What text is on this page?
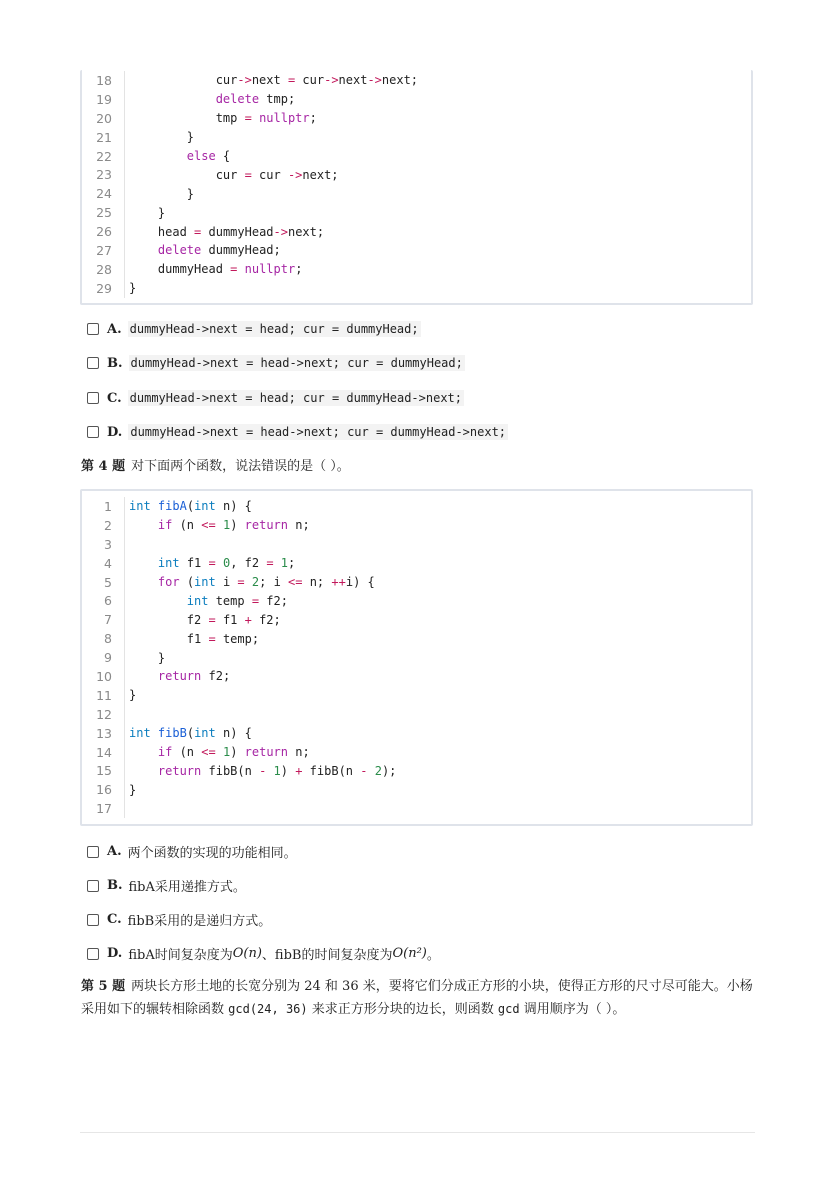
18 cur->next = cur->next->next;
19	delete tmp;
20 tmp = nullptr;
21 }
22	else {
23 cur = cur ->next;
24 }
25 }
26 head = dummyHead->next;
27	delete dummyHead;
28 dummyHead = nullptr;
29 }
A. dummyHead->next = head; cur = dummyHead;
B. dummyHead->next = head->next; cur = dummyHead;
C. dummyHead->next = head; cur = dummyHead->next;
D. dummyHead->next = head->next; cur = dummyHead->next;
第 4 题 对下面两个函数，说法错误的是（ ）。
1 int fibA(int n) {
2	if (n <= 1) return n;
3
4	int f1 = 0, f2 = 1;
5	for (int i = 2; i <= n; ++i) {
6	int temp = f2;
7 f2 = f1 + f2;
8 f1 = temp;
9 }
10	return f2;
11 }
12
13 int fibB(int n) {
14	if (n <= 1) return n;
15	return fibB(n - 1) + fibB(n - 2);
16 }
17
A. 两个函数的实现的功能相同。
B. fibA采用递推方式。
C. fibB采用的是递归方式。
D. fibA时间复杂度为 O(n) 、fibB的时间复杂度为 O(n²) 。
第 5 题 两块长方形土地的长宽分别为 24 和 36 米，要将它们分成正方形的小块，使得正方形的尺寸尽可能大。小杨采用如下的辗转相除函数 gcd(24, 36) 来求正方形分块的边长，则函数 gcd 调用顺序为（ ）。
